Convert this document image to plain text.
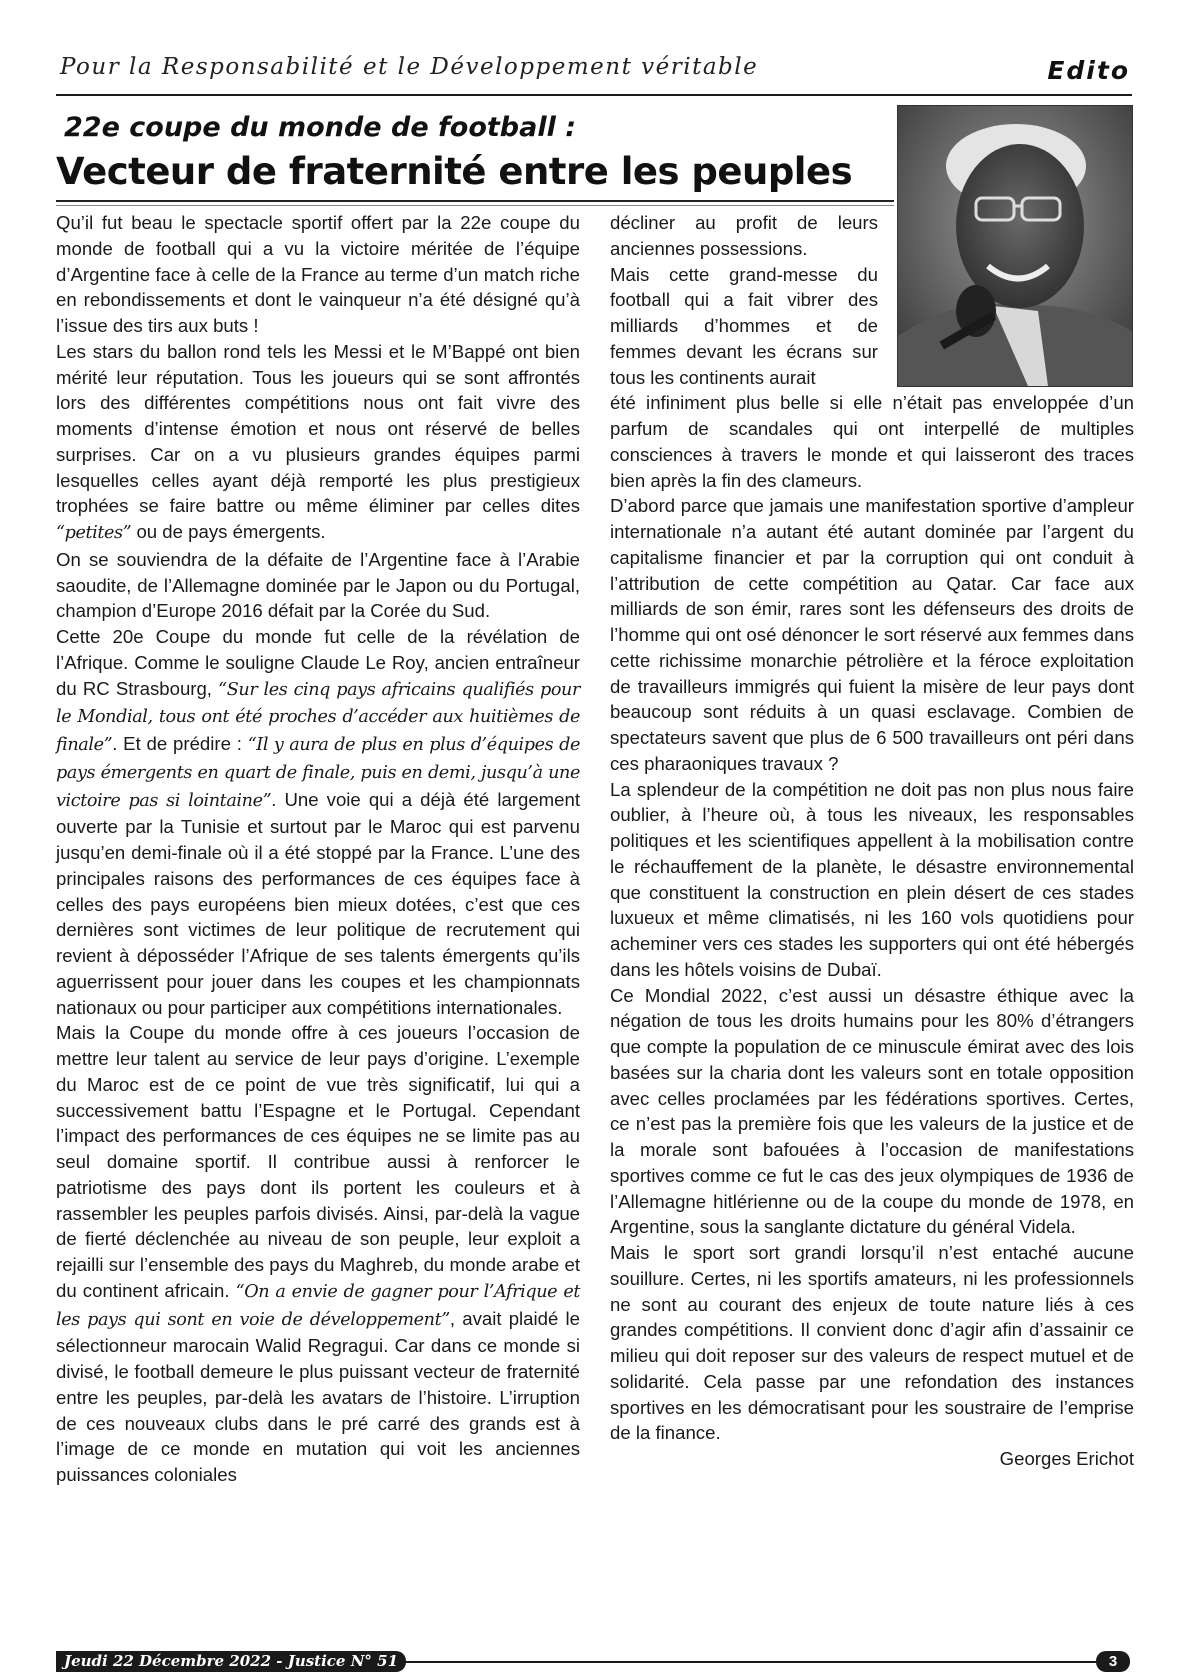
Pour la Responsabilité et le Développement véritable	Edito
22e coupe du monde de football :
Vecteur de fraternité entre les peuples

Qu’il fut beau le spectacle sportif offert par la 22e coupe du monde de football qui a vu la victoire méritée de l’équipe d’Argentine face à celle de la France au terme d’un match riche en rebondissements et dont le vainqueur n’a été désigné qu’à l’issue des tirs aux buts !

Les stars du ballon rond tels les Messi et le M’Bappé ont bien mérité leur réputation. Tous les joueurs qui se sont affrontés lors des différentes compétitions nous ont fait vivre des moments d’intense émotion et nous ont réservé de belles surprises. Car on a vu plusieurs grandes équipes parmi lesquelles celles ayant déjà remporté les plus prestigieux trophées se faire battre ou même éliminer par celles dites “petites” ou de pays émergents.

On se souviendra de la défaite de l’Argentine face à l’Arabie saoudite, de l’Allemagne dominée par le Japon ou du Portugal, champion d’Europe 2016 défait par la Corée du Sud.

Cette 20e Coupe du monde fut celle de la révélation de l’Afrique. Comme le souligne Claude Le Roy, ancien entraîneur du RC Strasbourg, “Sur les cinq pays africains qualifiés pour le Mondial, tous ont été proches d’accéder aux huitièmes de finale”. Et de prédire : “Il y aura de plus en plus d’équipes de pays émergents en quart de finale, puis en demi, jusqu’à une victoire pas si lointaine”. Une voie qui a déjà été largement ouverte par la Tunisie et surtout par le Maroc qui est parvenu jusqu’en demi-finale où il a été stoppé par la France. L’une des principales raisons des performances de ces équipes face à celles des pays européens bien mieux dotées, c’est que ces dernières sont victimes de leur politique de recrutement qui revient à déposséder l’Afrique de ses talents émergents qu’ils aguerrissent pour jouer dans les coupes et les championnats nationaux ou pour participer aux compétitions internationales.

Mais la Coupe du monde offre à ces joueurs l’occasion de mettre leur talent au service de leur pays d’origine. L’exemple du Maroc est de ce point de vue très significatif, lui qui a successivement battu l’Espagne et le Portugal. Cependant l’impact des performances de ces équipes ne se limite pas au seul domaine sportif. Il contribue aussi à renforcer le patriotisme des pays dont ils portent les couleurs et à rassembler les peuples parfois divisés. Ainsi, par-delà la vague de fierté déclenchée au niveau de son peuple, leur exploit a rejailli sur l’ensemble des pays du Maghreb, du monde arabe et du continent africain. “On a envie de gagner pour l’Afrique et les pays qui sont en voie de développement”, avait plaidé le sélectionneur marocain Walid Regragui. Car dans ce monde si divisé, le football demeure le plus puissant vecteur de fraternité entre les peuples, par-delà les avatars de l’histoire. L’irruption de ces nouveaux clubs dans le pré carré des grands est à l’image de ce monde en mutation qui voit les anciennes puissances coloniales

décliner au profit de leurs anciennes possessions.

Mais cette grand-messe du football qui a fait vibrer des milliards d’hommes et de femmes devant les écrans sur tous les continents aurait

été infiniment plus belle si elle n’était pas enveloppée d’un parfum de scandales qui ont interpellé de multiples consciences à travers le monde et qui laisseront des traces bien après la fin des clameurs.

D’abord parce que jamais une manifestation sportive d’ampleur internationale n’a autant été autant dominée par l’argent du capitalisme financier et par la corruption qui ont conduit à l’attribution de cette compétition au Qatar. Car face aux milliards de son émir, rares sont les défenseurs des droits de l’homme qui ont osé dénoncer le sort réservé aux femmes dans cette richissime monarchie pétrolière et la féroce exploitation de travailleurs immigrés qui fuient la misère de leur pays dont beaucoup sont réduits à un quasi esclavage. Combien de spectateurs savent que plus de 6 500 travailleurs ont péri dans ces pharaoniques travaux ?

La splendeur de la compétition ne doit pas non plus nous faire oublier, à l’heure où, à tous les niveaux, les responsables politiques et les scientifiques appellent à la mobilisation contre le réchauffement de la planète, le désastre environnemental que constituent la construction en plein désert de ces stades luxueux et même climatisés, ni les 160 vols quotidiens pour acheminer vers ces stades les supporters qui ont été hébergés dans les hôtels voisins de Dubaï.

Ce Mondial 2022, c’est aussi un désastre éthique avec la négation de tous les droits humains pour les 80% d’étrangers que compte la population de ce minuscule émirat avec des lois basées sur la charia dont les valeurs sont en totale opposition avec celles proclamées par les fédérations sportives. Certes, ce n’est pas la première fois que les valeurs de la justice et de la morale sont bafouées à l’occasion de manifestations sportives comme ce fut le cas des jeux olympiques de 1936 de l’Allemagne hitlérienne ou de la coupe du monde de 1978, en Argentine, sous la sanglante dictature du général Videla.

Mais le sport sort grandi lorsqu’il n’est entaché aucune souillure. Certes, ni les sportifs amateurs, ni les professionnels ne sont au courant des enjeux de toute nature liés à ces grandes compétitions. Il convient donc d’agir afin d’assainir ce milieu qui doit reposer sur des valeurs de respect mutuel et de solidarité. Cela passe par une refondation des instances sportives en les démocratisant pour les soustraire de l’emprise de la finance.

Georges Erichot

Jeudi 22 Décembre 2022 - Justice N° 51	3
